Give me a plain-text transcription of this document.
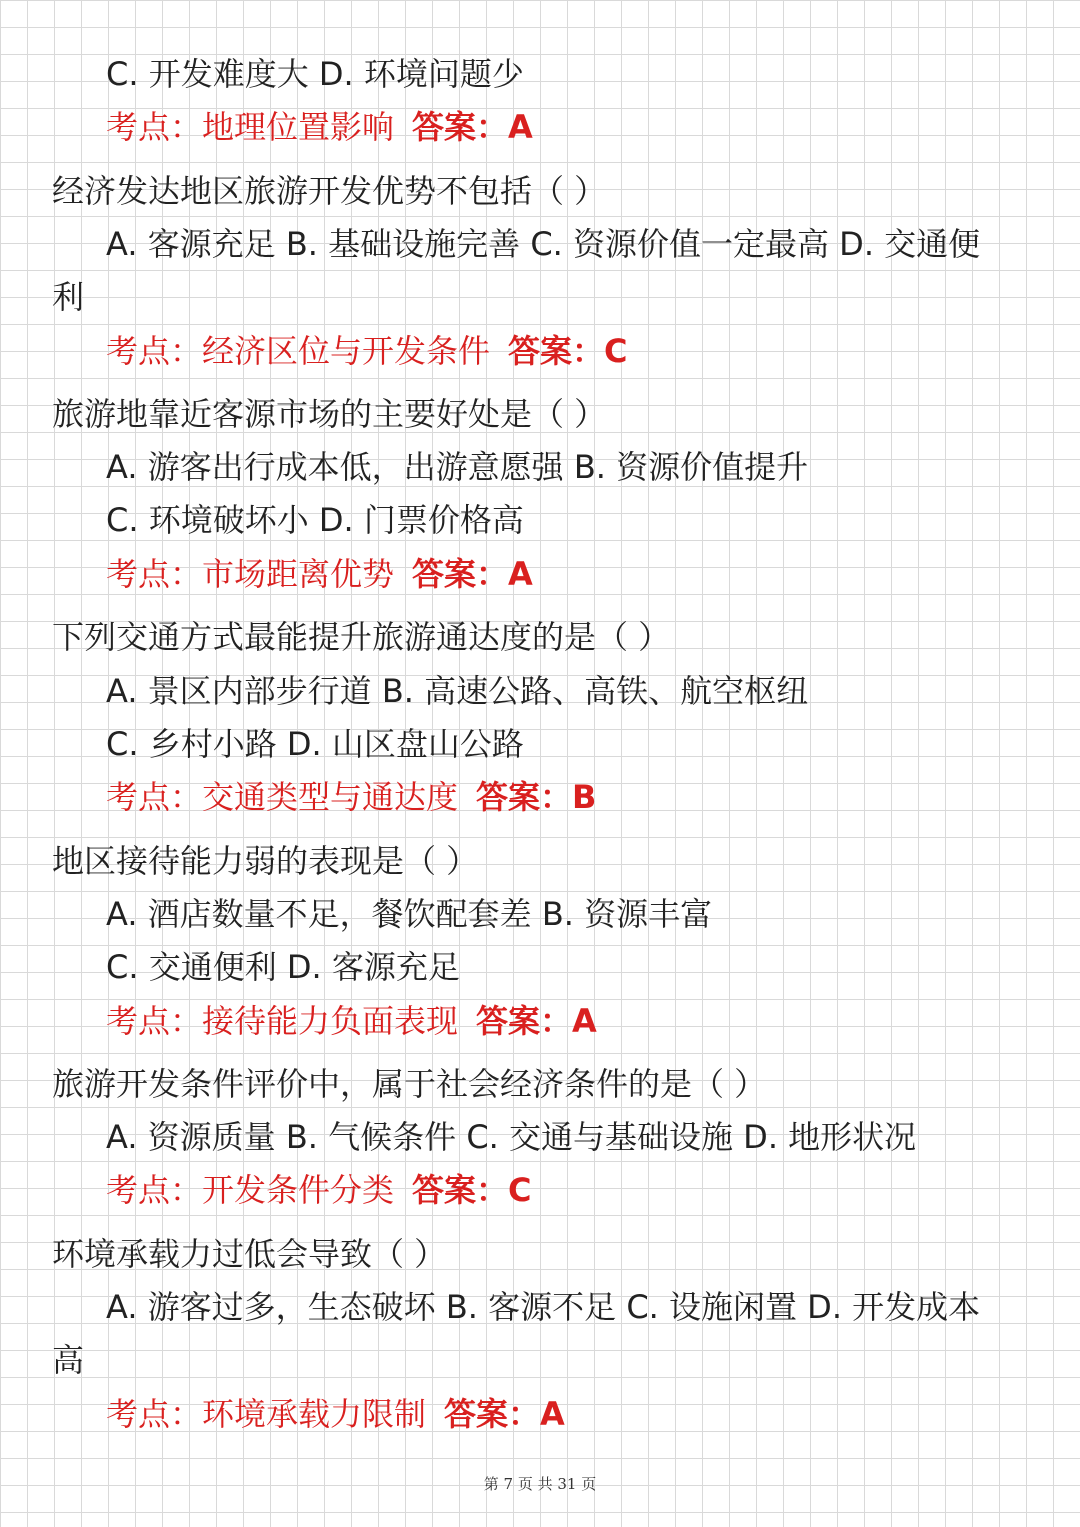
C. 开发难度大 D. 环境问题少
考点：地理位置影响 答案：A
经济发达地区旅游开发优势不包括（ ）
A. 客源充足 B. 基础设施完善 C. 资源价值一定最高 D. 交通便
利
考点：经济区位与开发条件 答案：C
旅游地靠近客源市场的主要好处是（ ）
A. 游客出行成本低，出游意愿强 B. 资源价值提升
C. 环境破坏小 D. 门票价格高
考点：市场距离优势 答案：A
下列交通方式最能提升旅游通达度的是（ ）
A. 景区内部步行道 B. 高速公路、高铁、航空枢纽
C. 乡村小路 D. 山区盘山公路
考点：交通类型与通达度 答案：B
地区接待能力弱的表现是（ ）
A. 酒店数量不足，餐饮配套差 B. 资源丰富
C. 交通便利 D. 客源充足
考点：接待能力负面表现 答案：A
旅游开发条件评价中，属于社会经济条件的是（ ）
A. 资源质量 B. 气候条件 C. 交通与基础设施 D. 地形状况
考点：开发条件分类 答案：C
环境承载力过低会导致（ ）
A. 游客过多，生态破坏 B. 客源不足 C. 设施闲置 D. 开发成本
高
考点：环境承载力限制 答案：A
第 7 页 共 31 页
